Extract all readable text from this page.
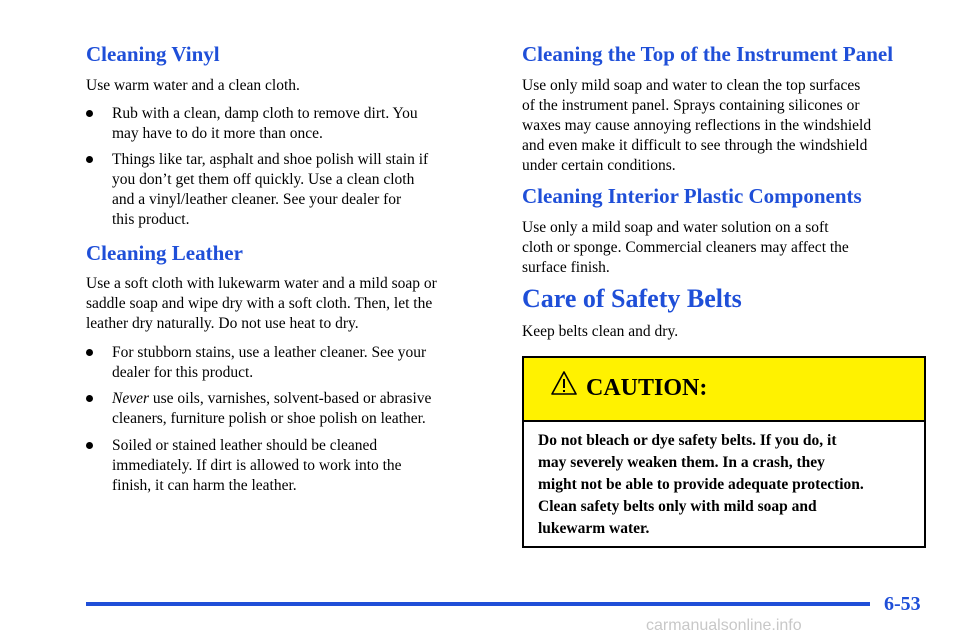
Cleaning Vinyl

Use warm water and a clean cloth.

Rub with a clean, damp cloth to remove dirt. You
may have to do it more than once.
Things like tar, asphalt and shoe polish will stain if
you don’t get them off quickly. Use a clean cloth
and a vinyl/leather cleaner. See your dealer for
this product.
Cleaning Leather

Use a soft cloth with lukewarm water and a mild soap or

saddle soap and wipe dry with a soft cloth. Then, let the

leather dry naturally. Do not use heat to dry.

For stubborn stains, use a leather cleaner. See your
dealer for this product.
Never use oils, varnishes, solvent-based or abrasive
cleaners, furniture polish or shoe polish on leather.
Soiled or stained leather should be cleaned
immediately. If dirt is allowed to work into the
finish, it can harm the leather.
Cleaning the Top of the Instrument Panel

Use only mild soap and water to clean the top surfaces

of the instrument panel. Sprays containing silicones or

waxes may cause annoying reflections in the windshield

and even make it difficult to see through the windshield

under certain conditions.

Cleaning Interior Plastic Components

Use only a mild soap and water solution on a soft

cloth or sponge. Commercial cleaners may affect the

surface finish.

Care of Safety Belts

Keep belts clean and dry.

CAUTION:
Do not bleach or dye safety belts. If you do, it
may severely weaken them. In a crash, they
might not be able to provide adequate protection.
Clean safety belts only with mild soap and
lukewarm water.
6-53
carmanualsonline.info
